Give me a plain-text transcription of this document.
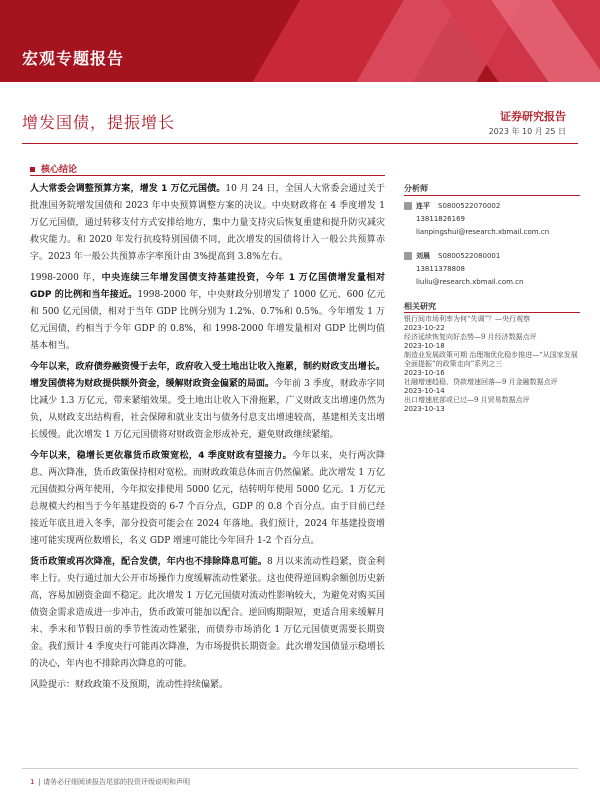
宏观专题报告
增发国债，提振增长	证券研究报告
2023 年 10 月 25 日
核心结论

人大常委会调整预算方案，增发 1 万亿元国债。10 月 24 日，全国人大常委会通过关于批准国务院增发国债和 2023 年中央预算调整方案的决议。中央财政将在 4 季度增发 1 万亿元国债，通过转移支付方式安排给地方，集中力量支持灾后恢复重建和提升防灾减灾救灾能力。和 2020 年发行抗疫特别国债不同，此次增发的国债将计入一般公共预算赤字。2023 年一般公共预算赤字率预计由 3%提高到 3.8%左右。

1998-2000 年，中央连续三年增发国债支持基建投资，今年 1 万亿国债增发量相对 GDP 的比例和当年接近。1998-2000 年，中央财政分别增发了 1000 亿元、600 亿元和 500 亿元国债，相对于当年 GDP 比例分别为 1.2%、0.7%和 0.5%。今年增发 1 万亿元国债，约相当于今年 GDP 的 0.8%，和 1998-2000 年增发量相对 GDP 比例均值基本相当。

今年以来，政府债券融资慢于去年，政府收入受土地出让收入拖累，制约财政支出增长。增发国债将为财政提供额外资金，缓解财政资金偏紧的局面。今年前 3 季度，财政赤字同比减少 1.3 万亿元，带来紧缩效果。受土地出让收入下滑拖累，广义财政支出增速仍然为负，从财政支出结构看，社会保障和就业支出与债务付息支出增速较高，基建相关支出增长缓慢。此次增发 1 万亿元国债将对财政资金形成补充，避免财政继续紧缩。

今年以来，稳增长更依靠货币政策宽松，4 季度财政有望接力。今年以来，央行两次降息、两次降准，货币政策保持相对宽松。而财政政策总体而言仍然偏紧。此次增发 1 万亿元国债拟分两年使用，今年拟安排使用 5000 亿元，结转明年使用 5000 亿元。1 万亿元总规模大约相当于今年基建投资的 6-7 个百分点，GDP 的 0.8 个百分点。由于目前已经接近年底且进入冬季，部分投资可能会在 2024 年落地。我们预计，2024 年基建投资增速可能实现两位数增长，名义 GDP 增速可能比今年回升 1-2 个百分点。

货币政策或再次降准，配合发债，年内也不排除降息可能。8 月以来流动性趋紧，资金利率上行。央行通过加大公开市场操作力度缓解流动性紧张。这也使得逆回购余额创历史新高，容易加剧资金面不稳定。此次增发 1 万亿元国债对流动性影响较大，为避免对购买国债资金需求造成进一步冲击，货币政策可能加以配合。逆回购期限短，更适合用来缓解月末、季末和节假日前的季节性流动性紧张，而债券市场消化 1 万亿元国债更需要长期资金。我们预计 4 季度央行可能再次降准，为市场提供长期资金。此次增发国债显示稳增长的决心，年内也不排除再次降息的可能。

风险提示：财政政策不及预期，流动性持续偏紧。

分析师
连平 S0800522070002
13811826169
lianpingshui@research.xbmail.com.cn
刘晨 S0800522080001
13811378808
liuliu@research.xbmail.com.cn
相关研究
银行间市场利率为何“失调”？—央行观察
2023-10-22
经济延续恢复向好态势—9 月经济数据点评
2023-10-18
制造业发展政策可期 治理端优化稳步推进—“从国家发展全面提振”的政策走向”系列之三
2023-10-16
社融增速趋稳，贷款增速回落—9 月金融数据点评
2023-10-14
出口增速底部或已过—9 月贸易数据点评
2023-10-13
1 | 请务必仔细阅读报告尾部的投资评级说明和声明
